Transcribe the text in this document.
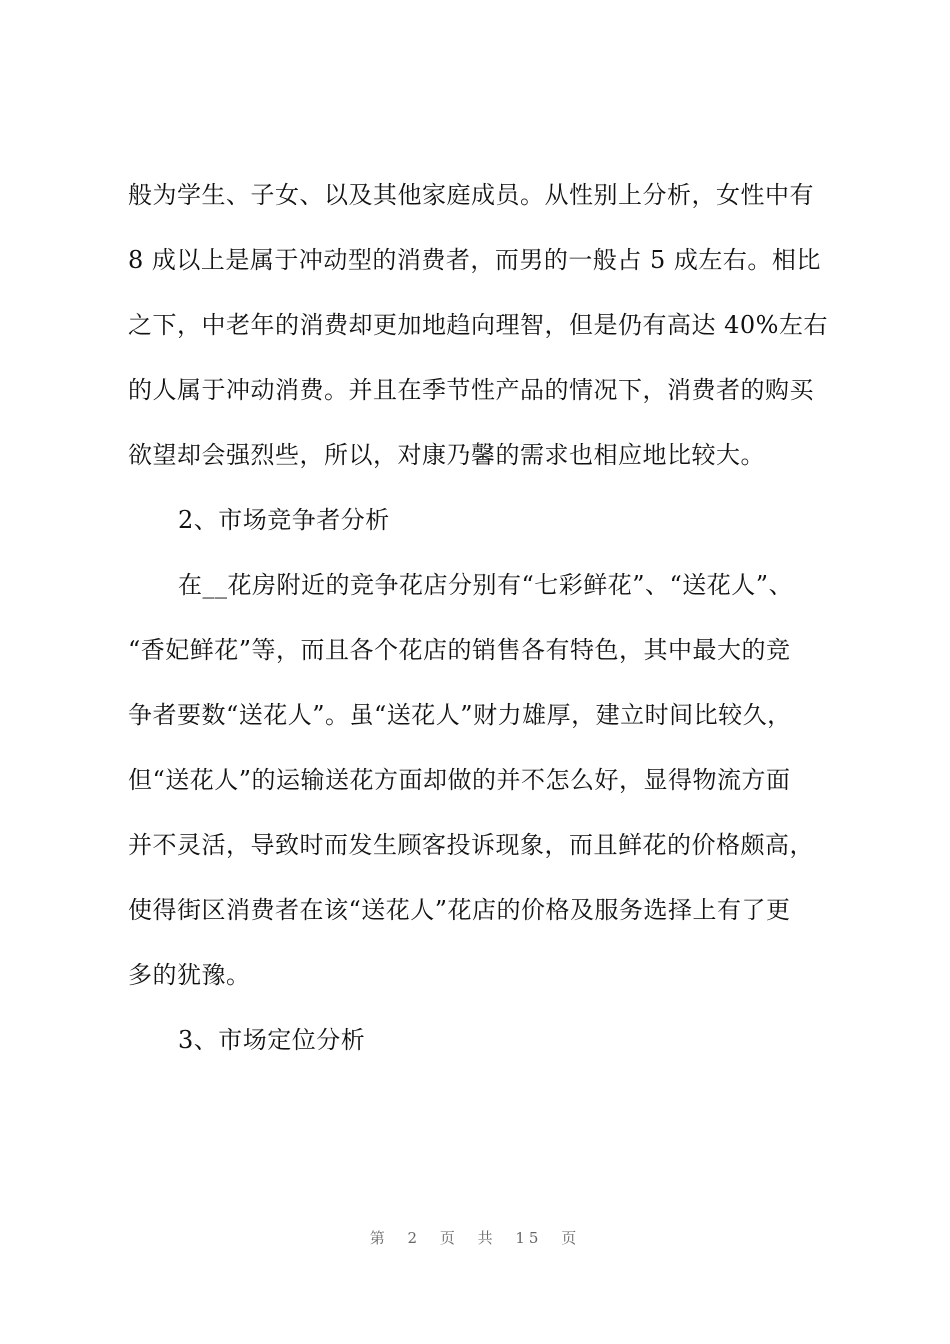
般为学生、子女、以及其他家庭成员。从性别上分析，女性中有
8 成以上是属于冲动型的消费者，而男的一般占 5 成左右。相比
之下，中老年的消费却更加地趋向理智，但是仍有高达 40%左右
的人属于冲动消费。并且在季节性产品的情况下，消费者的购买
欲望却会强烈些，所以，对康乃馨的需求也相应地比较大。
2、市场竞争者分析
在__花房附近的竞争花店分别有“七彩鲜花”、“送花人”、
“香妃鲜花”等，而且各个花店的销售各有特色，其中最大的竞
争者要数“送花人”。虽“送花人”财力雄厚，建立时间比较久，
但“送花人”的运输送花方面却做的并不怎么好，显得物流方面
并不灵活，导致时而发生顾客投诉现象，而且鲜花的价格颇高，
使得街区消费者在该“送花人”花店的价格及服务选择上有了更
多的犹豫。
3、市场定位分析
第 2 页 共 15 页
